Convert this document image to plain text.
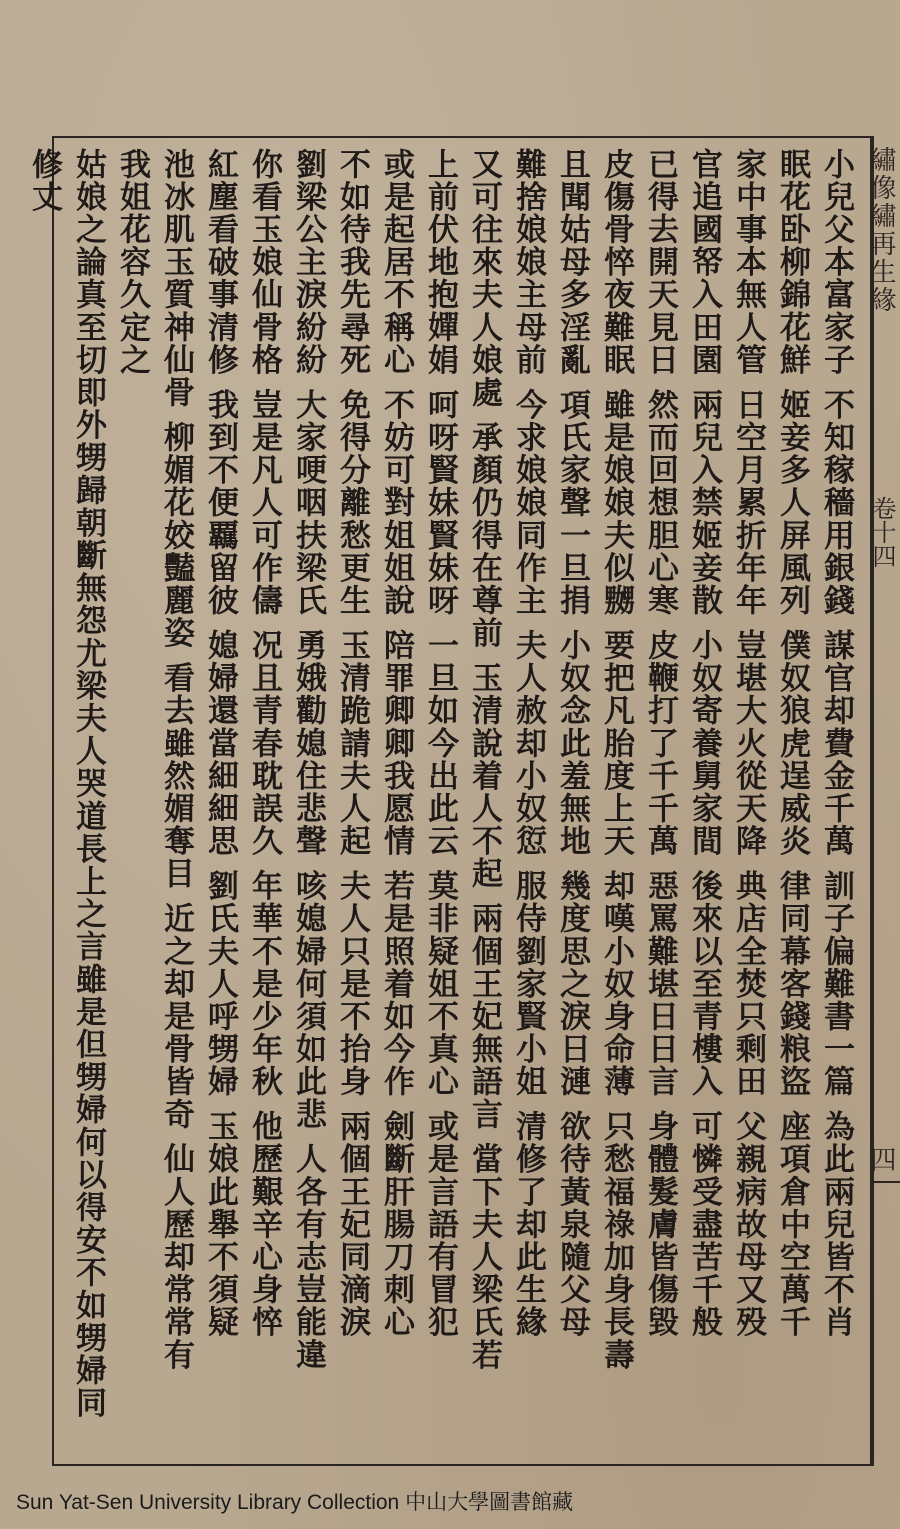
繡像繡再生緣
卷十四
四
小兒父本富家子 不知稼穡用銀錢 謀官却費金千萬 訓子偏難書一篇 為此兩兒皆不肖
眠花卧柳錦花鮮 姬妾多人屏風列 僕奴狼虎逞威炎 律同幕客錢粮盜 座項倉中空萬千
家中事本無人管 日空月累折年年 豈堪大火從天降 典店全焚只剩田 父親病故母又殁
官追國帑入田園 兩兒入禁姬妾散 小奴寄養舅家間 後來以至青樓入 可憐受盡苦千般
已得去開天見日 然而回想胆心寒 皮鞭打了千千萬 惡罵難堪日日言 身體髮膚皆傷毀
皮傷骨悴夜難眠 雖是娘娘夫似嬲 要把凡胎度上天 却嘆小奴身命薄 只愁福祿加身長壽
且聞姑母多淫亂 項氏家聲一旦捐 小奴念此羞無地 幾度思之淚日漣 欲待黃泉隨父母
難捨娘娘主母前 今求娘娘同作主 夫人赦却小奴愆 服侍劉家賢小姐 清修了却此生緣
又可往來夫人娘處 承顏仍得在尊前 玉清說着人不起 兩個王妃無語言 當下夫人梁氏若
上前伏地抱嬋娟 呵呀賢妹賢妹呀 一旦如今出此云 莫非疑姐不真心 或是言語有冒犯
或是起居不稱心 不妨可對姐姐說 陪罪卿卿我愿情 若是照着如今作 劍斷肝腸刀刺心
不如待我先尋死 免得分離愁更生 玉清跪請夫人起 夫人只是不抬身 兩個王妃同滴淚
劉梁公主淚紛紛 大家哽咽扶梁氏 勇娥勸媳住悲聲 咳媳婦何須如此悲 人各有志豈能違
你看玉娘仙骨格 豈是凡人可作儔 况且青春耽誤久 年華不是少年秋 他歷艱辛心身悴
紅塵看破事清修 我到不便覊留彼 媳婦還當細細思 劉氏夫人呼甥婦 玉娘此舉不須疑
池冰肌玉質神仙骨 柳媚花姣豔麗姿 看去雖然媚奪目 近之却是骨皆奇 仙人歷却常常有
我姐花容久定之
姑娘之論真至切即外甥歸朝斷無怨尤梁夫人哭道長上之言雖是但甥婦何以得安不如甥婦同修丈
Sun Yat-Sen University Library Collection 中山大學圖書館藏
